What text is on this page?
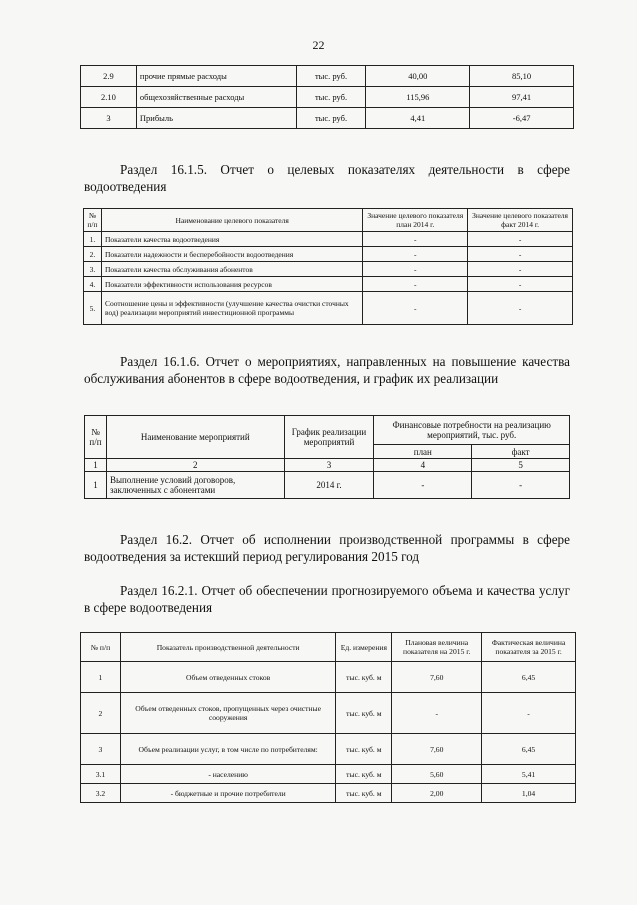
22
2.9	прочие прямые расходы	тыс. руб.	40,00	85,10
2.10	общехозяйственные расходы	тыс. руб.	115,96	97,41
3	Прибыль	тыс. руб.	4,41	-6,47
Раздел 16.1.5. Отчет о целевых показателях деятельности в сфере водоотведения
№ п/п	Наименование целевого показателя	Значение целевого показателя план 2014 г.	Значение целевого показателя факт 2014 г.
1.	Показатели качества водоотведения	-	-
2.	Показатели надежности и бесперебойности водоотведения	-	-
3.	Показатели качества обслуживания абонентов	-	-
4.	Показатели эффективности использования ресурсов	-	-
5.	Соотношение цены и эффективности (улучшение качества очистки сточных вод) реализации мероприятий инвестиционной программы	-	-
Раздел 16.1.6. Отчет о мероприятиях, направленных на повышение качества обслуживания абонентов в сфере водоотведения, и график их реализации
№ п/п	Наименование мероприятий	График реализации мероприятий	Финансовые потребности на реализацию мероприятий, тыс. руб.	
			план	факт
1	2	3	4	5
1	Выполнение условий договоров, заключенных с абонентами	2014 г.	-	-
Раздел 16.2. Отчет об исполнении производственной программы в сфере водоотведения за истекший период регулирования 2015 год
Раздел 16.2.1. Отчет об обеспечении прогнозируемого объема и качества услуг в сфере водоотведения
№ п/п	Показатель производственной деятельности	Ед. измерения	Плановая величина показателя на 2015 г.	Фактическая величина показателя за 2015 г.
1	Объем отведенных стоков	тыс. куб. м	7,60	6,45
2	Объем отведенных стоков, пропущенных через очистные сооружения	тыс. куб. м	-	-
3	Объем реализации услуг, в том числе по потребителям:	тыс. куб. м	7,60	6,45
3.1	- населению	тыс. куб. м	5,60	5,41
3.2	- бюджетные и прочие потребители	тыс. куб. м	2,00	1,04
